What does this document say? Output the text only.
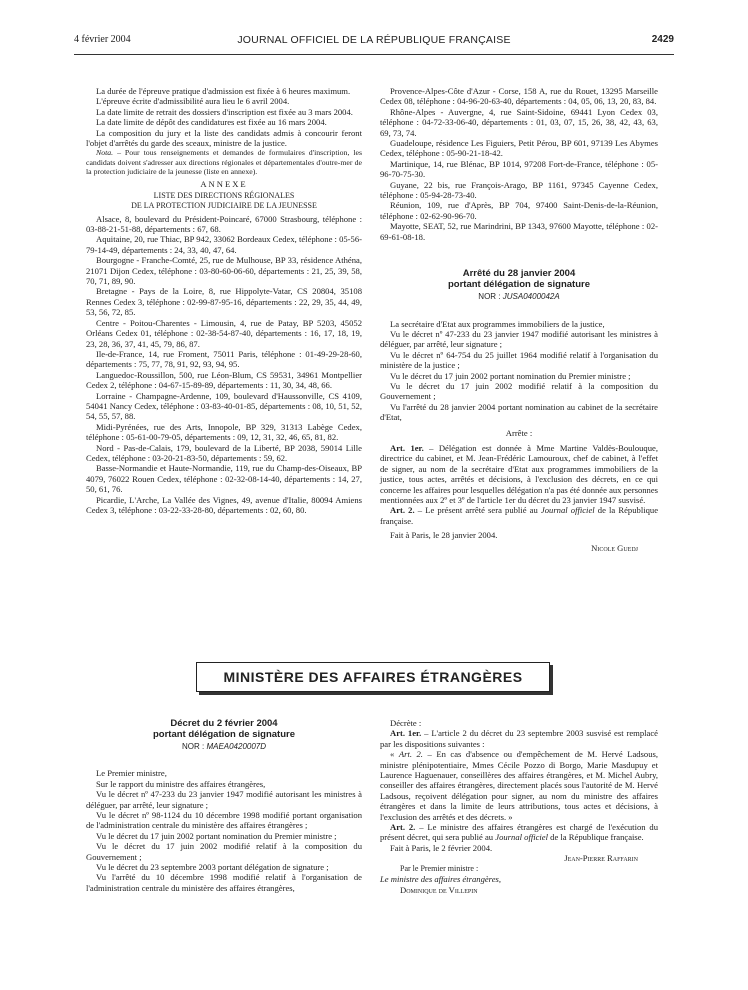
4 février 2004	JOURNAL OFFICIEL DE LA RÉPUBLIQUE FRANÇAISE	2429

La durée de l'épreuve pratique d'admission est fixée à 6 heures maximum.

L'épreuve écrite d'admissibilité aura lieu le 6 avril 2004.

La date limite de retrait des dossiers d'inscription est fixée au 3 mars 2004.

La date limite de dépôt des candidatures est fixée au 16 mars 2004.

La composition du jury et la liste des candidats admis à concourir feront l'objet d'arrêtés du garde des sceaux, ministre de la justice.

Nota. – Pour tous renseignements et demandes de formulaires d'inscription, les candidats doivent s'adresser aux directions régionales et départementales d'outre-mer de la protection judiciaire de la jeunesse (liste en annexe).

ANNEXE
LISTE DES DIRECTIONS RÉGIONALES
DE LA PROTECTION JUDICIAIRE DE LA JEUNESSE

Alsace, 8, boulevard du Président-Poincaré, 67000 Strasbourg, téléphone : 03-88-21-51-88, départements : 67, 68.

Aquitaine, 20, rue Thiac, BP 942, 33062 Bordeaux Cedex, téléphone : 05-56-79-14-49, départements : 24, 33, 40, 47, 64.

Bourgogne - Franche-Comté, 25, rue de Mulhouse, BP 33, résidence Athéna, 21071 Dijon Cedex, téléphone : 03-80-60-06-60, départements : 21, 25, 39, 58, 70, 71, 89, 90.

Bretagne - Pays de la Loire, 8, rue Hippolyte-Vatar, CS 20804, 35108 Rennes Cedex 3, téléphone : 02-99-87-95-16, départements : 22, 29, 35, 44, 49, 53, 56, 72, 85.

Centre - Poitou-Charentes - Limousin, 4, rue de Patay, BP 5203, 45052 Orléans Cedex 01, téléphone : 02-38-54-87-40, départements : 16, 17, 18, 19, 23, 28, 36, 37, 41, 45, 79, 86, 87.

Ile-de-France, 14, rue Froment, 75011 Paris, téléphone : 01-49-29-28-60, départements : 75, 77, 78, 91, 92, 93, 94, 95.

Languedoc-Roussillon, 500, rue Léon-Blum, CS 59531, 34961 Montpellier Cedex 2, téléphone : 04-67-15-89-89, départements : 11, 30, 34, 48, 66.

Lorraine - Champagne-Ardenne, 109, boulevard d'Haussonville, CS 4109, 54041 Nancy Cedex, téléphone : 03-83-40-01-85, départements : 08, 10, 51, 52, 54, 55, 57, 88.

Midi-Pyrénées, rue des Arts, Innopole, BP 329, 31313 Labège Cedex, téléphone : 05-61-00-79-05, départements : 09, 12, 31, 32, 46, 65, 81, 82.

Nord - Pas-de-Calais, 179, boulevard de la Liberté, BP 2038, 59014 Lille Cedex, téléphone : 03-20-21-83-50, départements : 59, 62.

Basse-Normandie et Haute-Normandie, 119, rue du Champ-des-Oiseaux, BP 4079, 76022 Rouen Cedex, téléphone : 02-32-08-14-40, départements : 14, 27, 50, 61, 76.

Picardie, L'Arche, La Vallée des Vignes, 49, avenue d'Italie, 80094 Amiens Cedex 3, téléphone : 03-22-33-28-80, départements : 02, 60, 80.

Provence-Alpes-Côte d'Azur - Corse, 158 A, rue du Rouet, 13295 Marseille Cedex 08, téléphone : 04-96-20-63-40, départements : 04, 05, 06, 13, 20, 83, 84.

Rhône-Alpes - Auvergne, 4, rue Saint-Sidoine, 69441 Lyon Cedex 03, téléphone : 04-72-33-06-40, départements : 01, 03, 07, 15, 26, 38, 42, 43, 63, 69, 73, 74.

Guadeloupe, résidence Les Figuiers, Petit Pérou, BP 601, 97139 Les Abymes Cedex, téléphone : 05-90-21-18-42.

Martinique, 14, rue Blénac, BP 1014, 97208 Fort-de-France, téléphone : 05-96-70-75-30.

Guyane, 22 bis, rue François-Arago, BP 1161, 97345 Cayenne Cedex, téléphone : 05-94-28-73-40.

Réunion, 109, rue d'Après, BP 704, 97400 Saint-Denis-de-la-Réunion, téléphone : 02-62-90-96-70.

Mayotte, SEAT, 52, rue Marindrini, BP 1343, 97600 Mayotte, téléphone : 02-69-61-08-18.

Arrêté du 28 janvier 2004
portant délégation de signature
NOR : JUSA0400042A

La secrétaire d'Etat aux programmes immobiliers de la justice,

Vu le décret nº 47-233 du 23 janvier 1947 modifié autorisant les ministres à déléguer, par arrêté, leur signature ;

Vu le décret nº 64-754 du 25 juillet 1964 modifié relatif à l'organisation du ministère de la justice ;

Vu le décret du 17 juin 2002 portant nomination du Premier ministre ;

Vu le décret du 17 juin 2002 modifié relatif à la composition du Gouvernement ;

Vu l'arrêté du 28 janvier 2004 portant nomination au cabinet de la secrétaire d'Etat,

Arrête :

Art. 1er. – Délégation est donnée à Mme Martine Valdès-Boulouque, directrice du cabinet, et M. Jean-Frédéric Lamouroux, chef de cabinet, à l'effet de signer, au nom de la secrétaire d'Etat aux programmes immobiliers de la justice, tous actes, arrêtés et décisions, à l'exclusion des décrets, en ce qui concerne les affaires pour lesquelles délégation n'a pas été donnée aux personnes mentionnées aux 2º et 3º de l'article 1er du décret du 23 janvier 1947 susvisé.

Art. 2. – Le présent arrêté sera publié au Journal officiel de la République française.

Fait à Paris, le 28 janvier 2004.

Nicole Guedj

MINISTÈRE DES AFFAIRES ÉTRANGÈRES
Décret du 2 février 2004
portant délégation de signature
NOR : MAEA0420007D

Le Premier ministre,

Sur le rapport du ministre des affaires étrangères,

Vu le décret nº 47-233 du 23 janvier 1947 modifié autorisant les ministres à déléguer, par arrêté, leur signature ;

Vu le décret nº 98-1124 du 10 décembre 1998 modifié portant organisation de l'administration centrale du ministère des affaires étrangères ;

Vu le décret du 17 juin 2002 portant nomination du Premier ministre ;

Vu le décret du 17 juin 2002 modifié relatif à la composition du Gouvernement ;

Vu le décret du 23 septembre 2003 portant délégation de signature ;

Vu l'arrêté du 10 décembre 1998 modifié relatif à l'organisation de l'administration centrale du ministère des affaires étrangères,

Décrète :

Art. 1er. – L'article 2 du décret du 23 septembre 2003 susvisé est remplacé par les dispositions suivantes :

« Art. 2. – En cas d'absence ou d'empêchement de M. Hervé Ladsous, ministre plénipotentiaire, Mmes Cécile Pozzo di Borgo, Marie Masdupuy et Laurence Haguenauer, conseillères des affaires étrangères, et M. Michel Aubry, conseiller des affaires étrangères, directement placés sous l'autorité de M. Hervé Ladsous, reçoivent délégation pour signer, au nom du ministre des affaires étrangères et dans la limite de leurs attributions, tous actes et décisions, à l'exclusion des arrêtés et des décrets. »

Art. 2. – Le ministre des affaires étrangères est chargé de l'exécution du présent décret, qui sera publié au Journal officiel de la République française.

Fait à Paris, le 2 février 2004.

Jean-Pierre Raffarin

Par le Premier ministre :

Le ministre des affaires étrangères,

Dominique de Villepin
